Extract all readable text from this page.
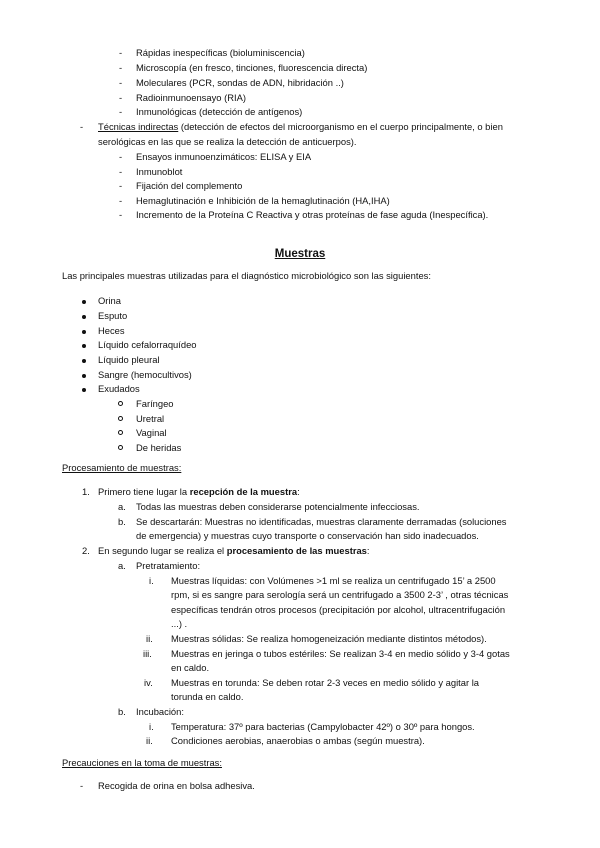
- Rápidas inespecíficas (bioluminiscencia)
- Microscopía (en fresco, tinciones, fluorescencia directa)
- Moleculares (PCR, sondas de ADN, hibridación ..)
- Radioinmunoensayo (RIA)
- Inmunológicas (detección de antígenos)
- Técnicas indirectas (detección de efectos del microorganismo en el cuerpo principalmente, o bien
serológicas en las que se realiza la detección de anticuerpos).
- Ensayos inmunoenzimáticos: ELISA y EIA
- Inmunoblot
- Fijación del complemento
- Hemaglutinación e Inhibición de la hemaglutinación (HA,IHA)
- Incremento de la Proteína C Reactiva y otras proteínas de fase aguda (Inespecífica).
Muestras
Las principales muestras utilizadas para el diagnóstico microbiológico son las siguientes:
Orina
Esputo
Heces
Líquido cefalorraquídeo
Líquido pleural
Sangre (hemocultivos)
Exudados
Faríngeo
Uretral
Vaginal
De heridas
Procesamiento de muestras:
1. Primero tiene lugar la recepción de la muestra:
a. Todas las muestras deben considerarse potencialmente infecciosas.
b. Se descartarán: Muestras no identificadas, muestras claramente derramadas (soluciones
de emergencia) y muestras cuyo transporte o conservación han sido inadecuados.
2. En segundo lugar se realiza el procesamiento de las muestras:
a. Pretratamiento:
i. Muestras líquidas: con Volúmenes >1 ml se realiza un centrifugado 15’ a 2500
rpm, si es sangre para serología será un centrifugado a 3500 2-3’ , otras técnicas
específicas tendrán otros procesos (precipitación por alcohol, ultracentrifugación
...) .
ii. Muestras sólidas: Se realiza homogeneización mediante distintos métodos).
iii. Muestras en jeringa o tubos estériles: Se realizan 3-4 en medio sólido y 3-4 gotas
en caldo.
iv. Muestras en torunda: Se deben rotar 2-3 veces en medio sólido y agitar la
torunda en caldo.
b. Incubación:
i. Temperatura: 37º para bacterias (Campylobacter 42º) o 30º para hongos.
ii. Condiciones aerobias, anaerobias o ambas (según muestra).
Precauciones en la toma de muestras:
- Recogida de orina en bolsa adhesiva.
